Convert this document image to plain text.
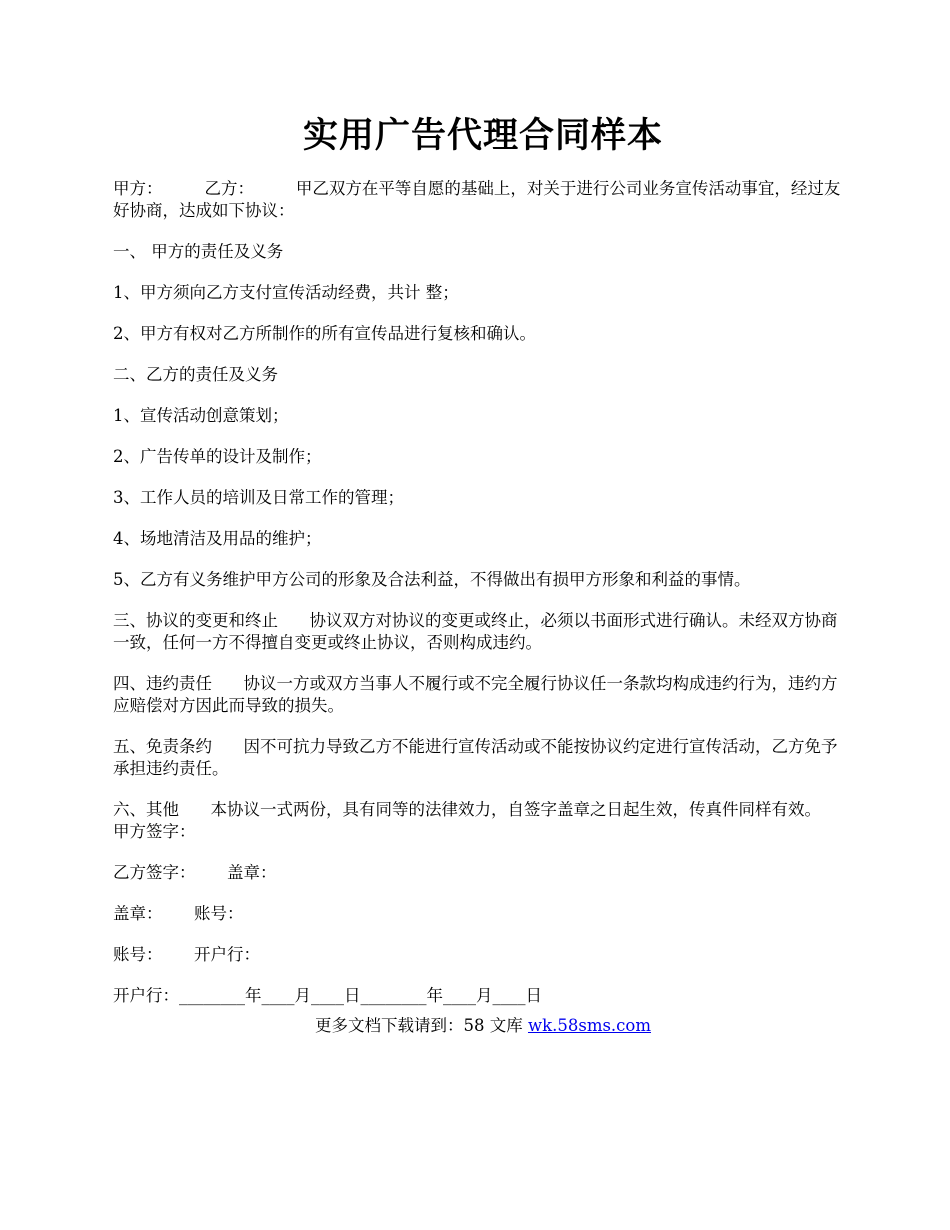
实用广告代理合同样本

甲方：        乙方：        甲乙双方在平等自愿的基础上，对关于进行公司业务宣传活动事宜，经过友好协商，达成如下协议：

一、 甲方的责任及义务

1、甲方须向乙方支付宣传活动经费，共计 整；

2、甲方有权对乙方所制作的所有宣传品进行复核和确认。

二、乙方的责任及义务

1、宣传活动创意策划；

2、广告传单的设计及制作；

3、工作人员的培训及日常工作的管理；

4、场地清洁及用品的维护；

5、乙方有义务维护甲方公司的形象及合法利益，不得做出有损甲方形象和利益的事情。

三、协议的变更和终止      协议双方对协议的变更或终止，必须以书面形式进行确认。未经双方协商一致，任何一方不得擅自变更或终止协议，否则构成违约。

四、违约责任      协议一方或双方当事人不履行或不完全履行协议任一条款均构成违约行为，违约方应赔偿对方因此而导致的损失。

五、免责条约      因不可抗力导致乙方不能进行宣传活动或不能按协议约定进行宣传活动，乙方免予承担违约责任。

六、其他      本协议一式两份，具有同等的法律效力，自签字盖章之日起生效，传真件同样有效。      甲方签字：

乙方签字：      盖章：

盖章：      账号：

账号：      开户行：

开户行：________年____月____日________年____月____日

更多文档下载请到：58 文库 wk.58sms.com
